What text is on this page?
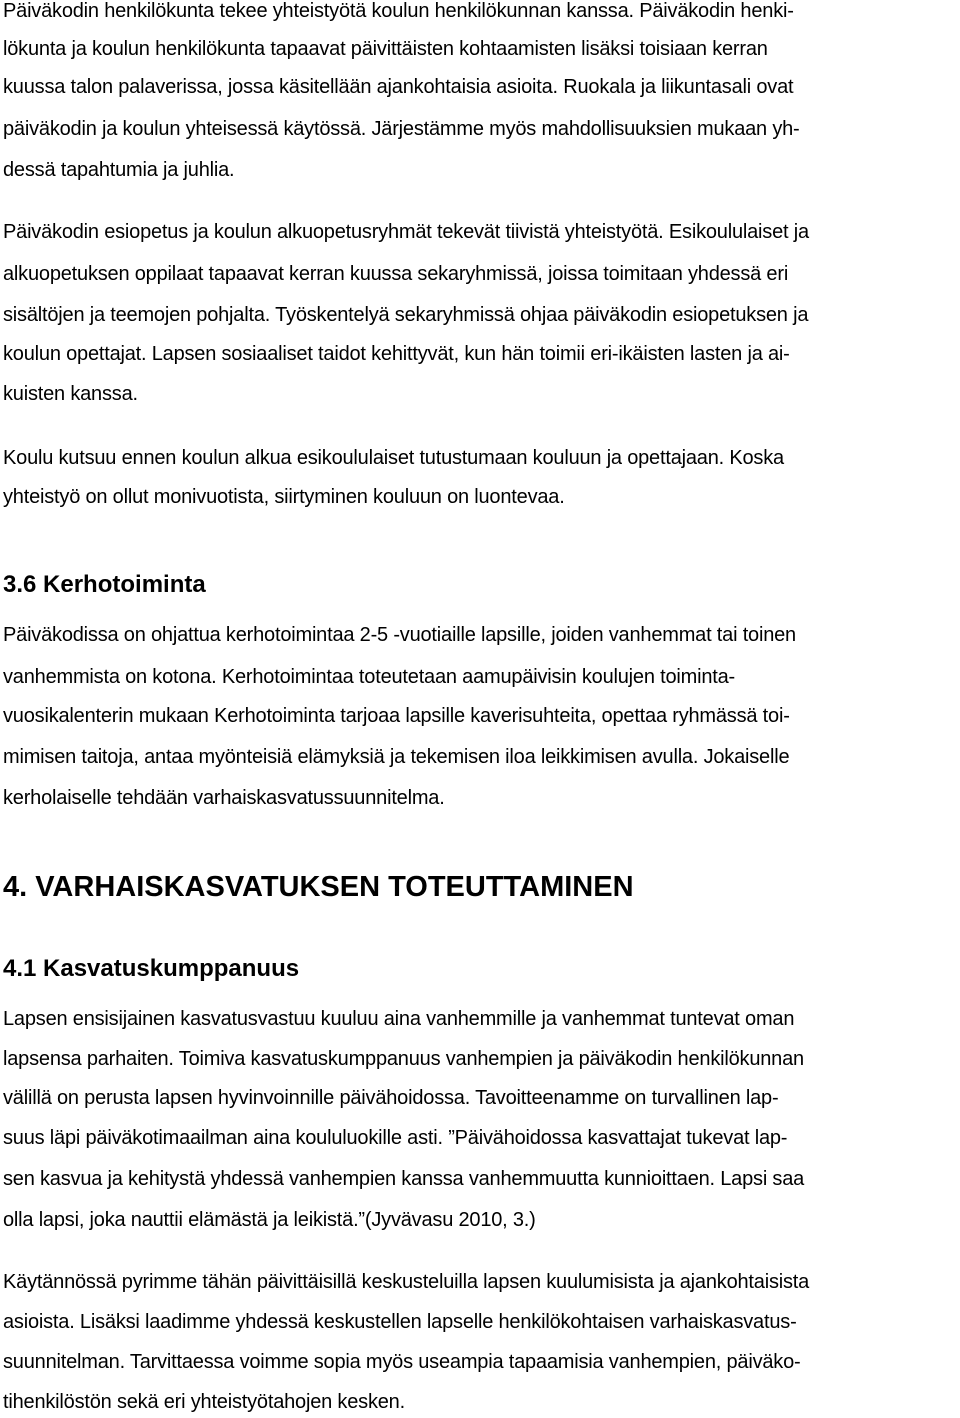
Päiväkodin henkilökunta tekee yhteistyötä koulun henkilökunnan kanssa. Päiväkodin henki-

lökunta ja koulun henkilökunta tapaavat päivittäisten kohtaamisten lisäksi toisiaan kerran

kuussa talon palaverissa, jossa käsitellään ajankohtaisia asioita. Ruokala ja liikuntasali ovat

päiväkodin ja koulun yhteisessä käytössä. Järjestämme myös mahdollisuuksien mukaan yh-

dessä tapahtumia ja juhlia.

Päiväkodin esiopetus ja koulun alkuopetusryhmät tekevät tiivistä yhteistyötä. Esikoululaiset ja

alkuopetuksen oppilaat tapaavat kerran kuussa sekaryhmissä, joissa toimitaan yhdessä eri

sisältöjen ja teemojen pohjalta. Työskentelyä sekaryhmissä ohjaa päiväkodin esiopetuksen ja

koulun opettajat. Lapsen sosiaaliset taidot kehittyvät, kun hän toimii eri-ikäisten lasten ja ai-

kuisten kanssa.

Koulu kutsuu ennen koulun alkua esikoululaiset tutustumaan kouluun ja opettajaan. Koska

yhteistyö on ollut monivuotista, siirtyminen kouluun on luontevaa.

3.6 Kerhotoiminta

Päiväkodissa on ohjattua kerhotoimintaa 2-5 -vuotiaille lapsille, joiden vanhemmat tai toinen

vanhemmista on kotona. Kerhotoimintaa toteutetaan aamupäivisin koulujen toiminta-

vuosikalenterin mukaan Kerhotoiminta tarjoaa lapsille kaverisuhteita, opettaa ryhmässä toi-

mimisen taitoja, antaa myönteisiä elämyksiä ja tekemisen iloa leikkimisen avulla. Jokaiselle

kerholaiselle tehdään varhaiskasvatussuunnitelma.

4. VARHAISKASVATUKSEN TOTEUTTAMINEN
4.1 Kasvatuskumppanuus

Lapsen ensisijainen kasvatusvastuu kuuluu aina vanhemmille ja vanhemmat tuntevat oman

lapsensa parhaiten. Toimiva kasvatuskumppanuus vanhempien ja päiväkodin henkilökunnan

välillä on perusta lapsen hyvinvoinnille päivähoidossa. Tavoitteenamme on turvallinen lap-

suus läpi päiväkotimaailman aina koululuokille asti. ”Päivähoidossa kasvattajat tukevat lap-

sen kasvua ja kehitystä yhdessä vanhempien kanssa vanhemmuutta kunnioittaen. Lapsi saa

olla lapsi, joka nauttii elämästä ja leikistä.”(Jyvävasu 2010, 3.)

Käytännössä pyrimme tähän päivittäisillä keskusteluilla lapsen kuulumisista ja ajankohtaisista

asioista. Lisäksi laadimme yhdessä keskustellen lapselle henkilökohtaisen varhaiskasvatus-

suunnitelman. Tarvittaessa voimme sopia myös useampia tapaamisia vanhempien, päiväko-

tihenkilöstön sekä eri yhteistyötahojen kesken.
